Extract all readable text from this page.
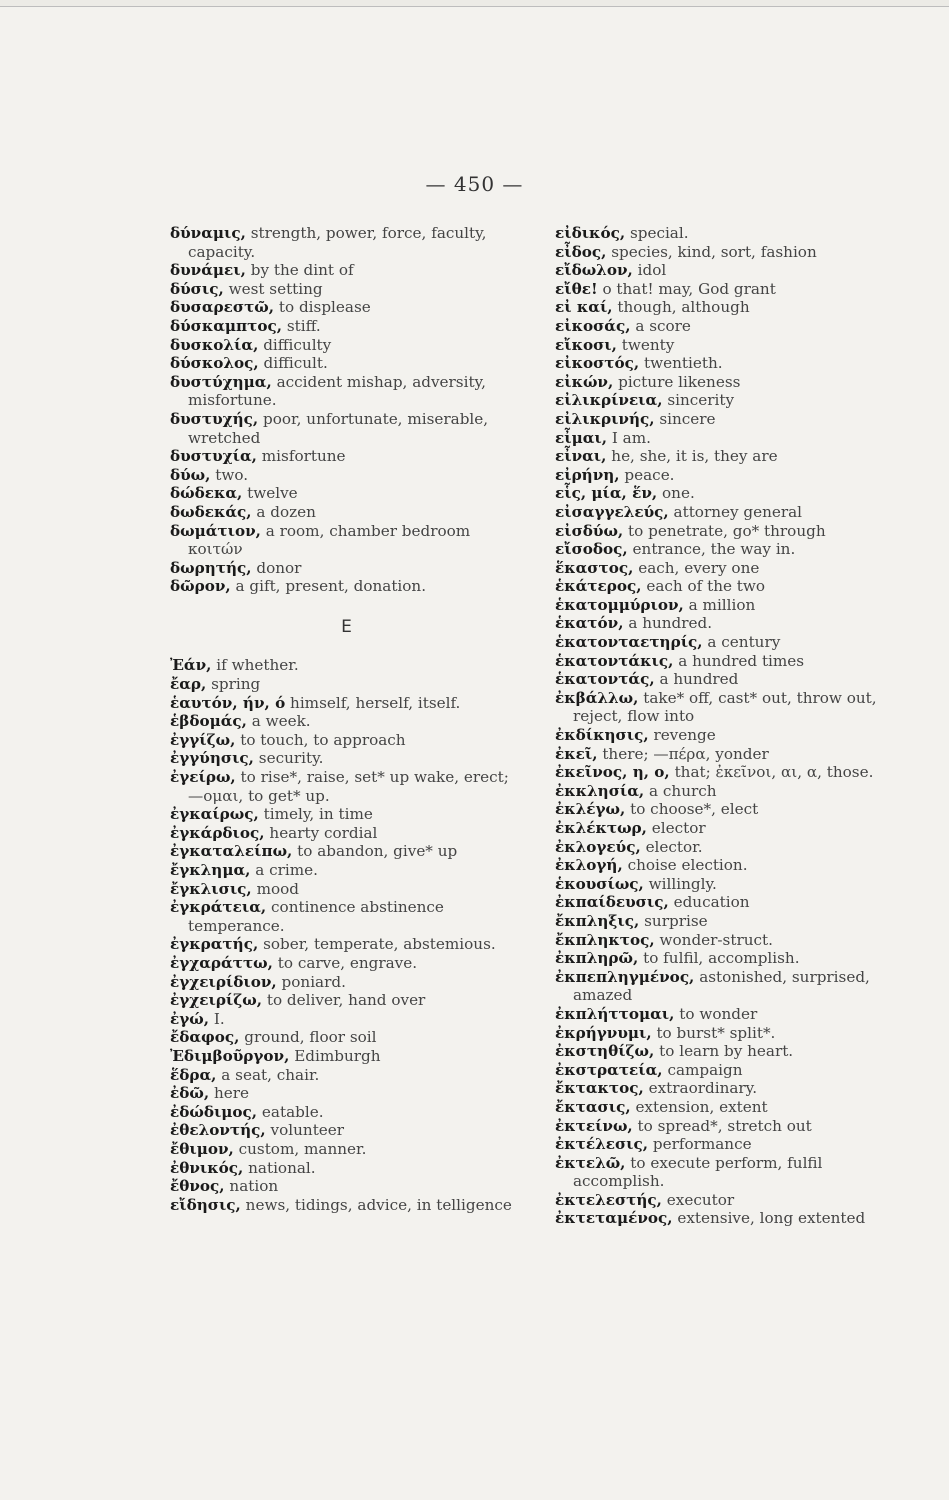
— 450 —

δύναμις, strength, power, force, faculty, capacity.

δυνάμει, by the dint of

δύσις, west setting

δυσαρεστῶ, to displease

δύσκαμπτος, stiff.

δυσκολία, difficulty

δύσκολος, difficult.

δυστύχημα, accident mishap, adversity, misfortune.

δυστυχής, poor, unfortunate, miserable, wretched

δυστυχία, misfortune

δύω, two.

δώδεκα, twelve

δωδεκάς, a dozen

δωμάτιον, a room, chamber bedroom κοιτών

δωρητής, donor

δῶρον, a gift, present, donation.

E

Ἐάν, if whether.

ἔαρ, spring

ἑαυτόν, ήν, ό himself, herself, itself.

ἑβδομάς, a week.

ἐγγίζω, to touch, to approach

ἐγγύησις, security.

ἐγείρω, to rise*, raise, set* up wake, erect; —ομαι, to get* up.

ἐγκαίρως, timely, in time

ἐγκάρδιος, hearty cordial

ἐγκαταλείπω, to abandon, give* up

ἔγκλημα, a crime.

ἔγκλισις, mood

ἐγκράτεια, continence abstinence temperance.

ἐγκρατής, sober, temperate, abstemious.

ἐγχαράττω, to carve, engrave.

ἐγχειρίδιον, poniard.

ἐγχειρίζω, to deliver, hand over

ἐγώ, I.

ἔδαφος, ground, floor soil

Ἐδιμβοῦργον, Edimburgh

ἕδρα, a seat, chair.

ἐδῶ, here

ἐδώδιμος, eatable.

ἐθελοντής, volunteer

ἔθιμον, custom, manner.

ἐθνικός, national.

ἔθνος, nation

εἴδησις, news, tidings, advice, in telligence

εἰδικός, special.

εἶδος, species, kind, sort, fashion

εἴδωλον, idol

εἴθε! o that! may, God grant

εἰ καί, though, although

εἰκοσάς, a score

εἴκοσι, twenty

εἰκοστός, twentieth.

εἰκών, picture likeness

εἰλικρίνεια, sincerity

εἰλικρινής, sincere

εἶμαι, I am.

εἶναι, he, she, it is, they are

εἰρήνη, peace.

εἷς, μία, ἕν, one.

εἰσαγγελεύς, attorney general

εἰσδύω, to penetrate, go* through

εἴσοδος, entrance, the way in.

ἕκαστος, each, every one

ἑκάτερος, each of the two

ἑκατομμύριον, a million

ἑκατόν, a hundred.

ἑκατονταετηρίς, a century

ἑκατοντάκις, a hundred times

ἑκατοντάς, a hundred

ἐκβάλλω, take* off, cast* out, throw out, reject, flow into

ἐκδίκησις, revenge

ἐκεῖ, there; —πέρα, yonder

ἐκεῖνος, η, ο, that; ἐκεῖνοι, αι, α, those.

ἐκκλησία, a church

ἐκλέγω, to choose*, elect

ἐκλέκτωρ, elector

ἐκλογεύς, elector.

ἐκλογή, choise election.

ἑκουσίως, willingly.

ἐκπαίδευσις, education

ἔκπληξις, surprise

ἔκπληκτος, wonder-struct.

ἐκπληρῶ, to fulfil, accomplish.

ἐκπεπληγμένος, astonished, surprised, amazed

ἐκπλήττομαι, to wonder

ἐκρήγνυμι, to burst* split*.

ἐκστηθίζω, to learn by heart.

ἐκστρατεία, campaign

ἔκτακτος, extraordinary.

ἔκτασις, extension, extent

ἐκτείνω, to spread*, stretch out

ἐκτέλεσις, performance

ἐκτελῶ, to execute perform, fulfil accomplish.

ἐκτελεστής, executor

ἐκτεταμένος, extensive, long extented
